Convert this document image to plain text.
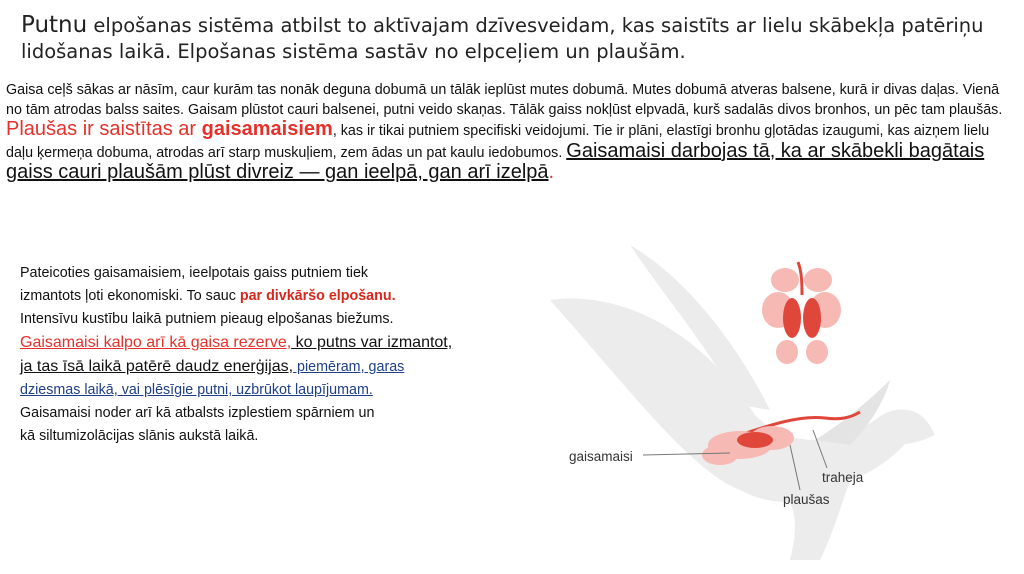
Putnu elpošanas sistēma atbilst to aktīvajam dzīvesveidam, kas saistīts ar lielu skābekļa patēriņu lidošanas laikā. Elpošanas sistēma sastāv no elpceļiem un plaušām.
Gaisa ceļš sākas ar nāsīm, caur kurām tas nonāk deguna dobumā un tālāk ieplūst mutes dobumā. Mutes dobumā atveras balsene, kurā ir divas daļas. Vienā no tām atrodas balss saites. Gaisam plūstot cauri balsenei, putni veido skaņas. Tālāk gaiss nokļūst elpvadā, kurš sadalās divos bronhos, un pēc tam plaušās. Plaušas ir saistītas ar gaisamaisiem, kas ir tikai putniem specifiski veidojumi. Tie ir plāni, elastīgi bronhu gļotādas izaugumi, kas aizņem lielu daļu ķermeņa dobuma, atrodas arī starp muskuļiem, zem ādas un pat kaulu iedobumos. Gaisamaisi darbojas tā, ka ar skābekli bagātais gaiss cauri plaušām plūst divreiz — gan ieelpā, gan arī izelpā.

Pateicoties gaisamaisiem, ieelpotais gaiss putniem tiek

izmantots ļoti ekonomiski. To sauc par divkāršo elpošanu.

Intensīvu kustību laikā putniem pieaug elpošanas biežums.

Gaisamaisi kalpo arī kā gaisa rezerve, ko putns var izmantot,

ja tas īsā laikā patērē daudz enerģijas, piemēram, garas

dziesmas laikā, vai plēsīgie putni, uzbrūkot laupījumam.

Gaisamaisi noder arī kā atbalsts izplestiem spārniem un

kā siltumizolācijas slānis aukstā laikā.

gaisamaisi
traheja
plaušas
